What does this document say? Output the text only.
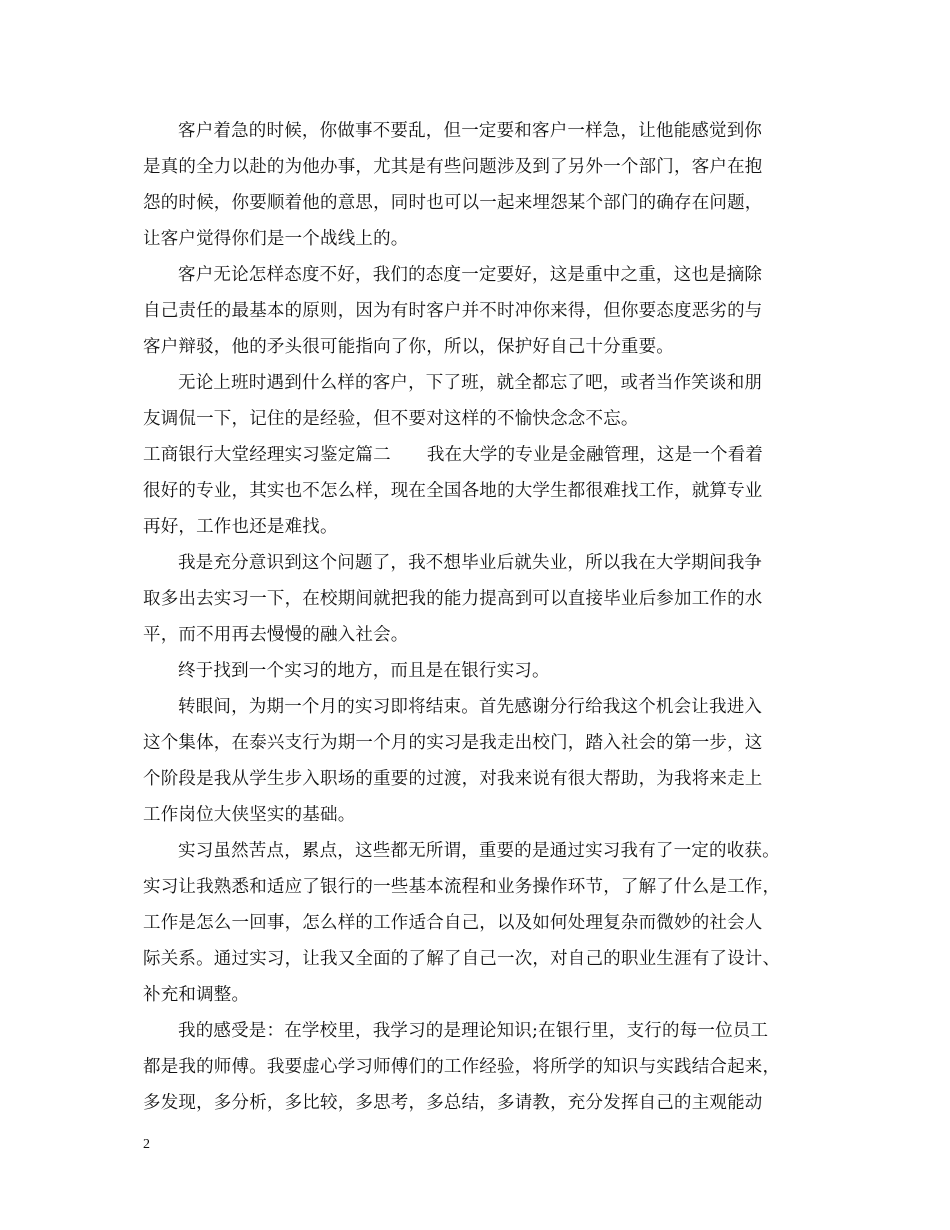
客户着急的时候，你做事不要乱，但一定要和客户一样急，让他能感觉到你
是真的全力以赴的为他办事，尤其是有些问题涉及到了另外一个部门，客户在抱
怨的时候，你要顺着他的意思，同时也可以一起来埋怨某个部门的确存在问题，
让客户觉得你们是一个战线上的。
客户无论怎样态度不好，我们的态度一定要好，这是重中之重，这也是摘除
自己责任的最基本的原则，因为有时客户并不时冲你来得，但你要态度恶劣的与
客户辩驳，他的矛头很可能指向了你，所以，保护好自己十分重要。
无论上班时遇到什么样的客户，下了班，就全都忘了吧，或者当作笑谈和朋
友调侃一下，记住的是经验，但不要对这样的不愉快念念不忘。
工商银行大堂经理实习鉴定篇二 我在大学的专业是金融管理，这是一个看着
很好的专业，其实也不怎么样，现在全国各地的大学生都很难找工作，就算专业
再好，工作也还是难找。
我是充分意识到这个问题了，我不想毕业后就失业，所以我在大学期间我争
取多出去实习一下，在校期间就把我的能力提高到可以直接毕业后参加工作的水
平，而不用再去慢慢的融入社会。
终于找到一个实习的地方，而且是在银行实习。
转眼间，为期一个月的实习即将结束。首先感谢分行给我这个机会让我进入
这个集体，在泰兴支行为期一个月的实习是我走出校门，踏入社会的第一步，这
个阶段是我从学生步入职场的重要的过渡，对我来说有很大帮助，为我将来走上
工作岗位大侠坚实的基础。
实习虽然苦点，累点，这些都无所谓，重要的是通过实习我有了一定的收获。
实习让我熟悉和适应了银行的一些基本流程和业务操作环节，了解了什么是工作，
工作是怎么一回事，怎么样的工作适合自己，以及如何处理复杂而微妙的社会人
际关系。通过实习，让我又全面的了解了自己一次，对自己的职业生涯有了设计、
补充和调整。
我的感受是：在学校里，我学习的是理论知识;在银行里，支行的每一位员工
都是我的师傅。我要虚心学习师傅们的工作经验，将所学的知识与实践结合起来，
多发现，多分析，多比较，多思考，多总结，多请教，充分发挥自己的主观能动
2
